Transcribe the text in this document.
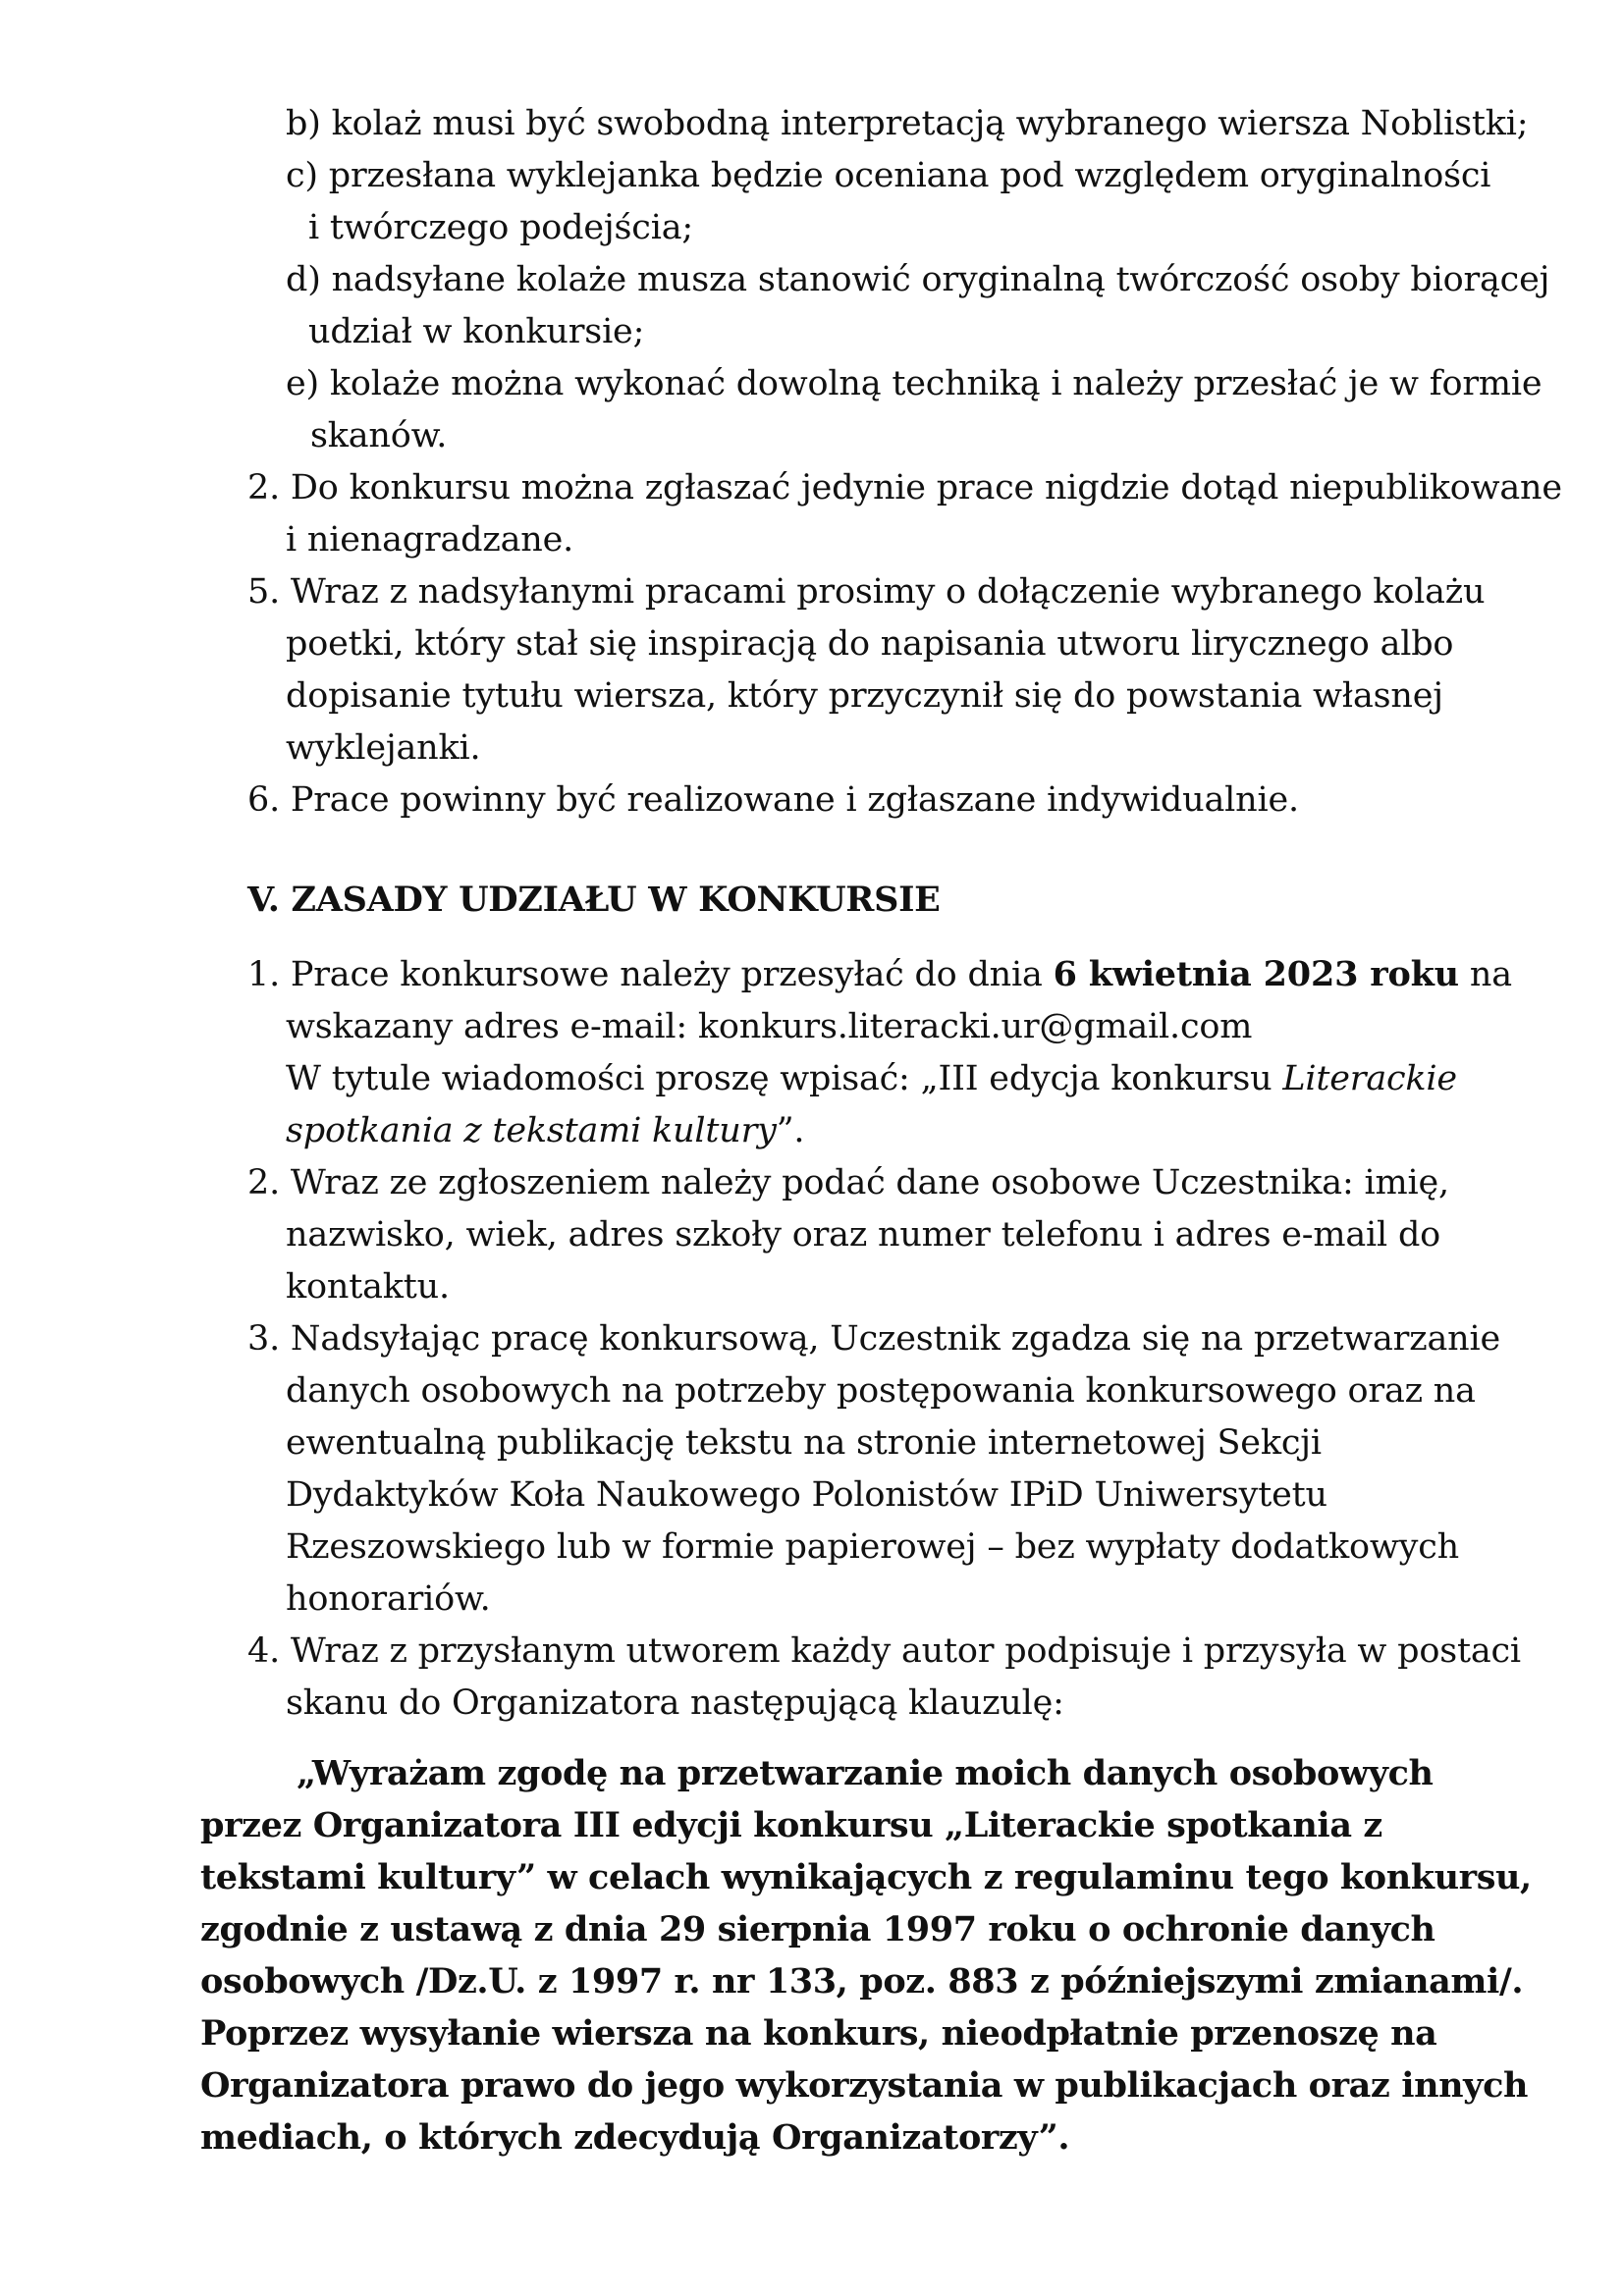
b) kolaż musi być swobodną interpretacją wybranego wiersza Noblistki;
c) przesłana wyklejanka będzie oceniana pod względem oryginalności
i twórczego podejścia;
d) nadsyłane kolaże musza stanowić oryginalną twórczość osoby biorącej
udział w konkursie;
e) kolaże można wykonać dowolną techniką i należy przesłać je w formie
skanów.
2. Do konkursu można zgłaszać jedynie prace nigdzie dotąd niepublikowane
i nienagradzane.
5. Wraz z nadsyłanymi pracami prosimy o dołączenie wybranego kolażu
poetki, który stał się inspiracją do napisania utworu lirycznego albo
dopisanie tytułu wiersza, który przyczynił się do powstania własnej
wyklejanki.
6. Prace powinny być realizowane i zgłaszane indywidualnie.
V. ZASADY UDZIAŁU W KONKURSIE
1. Prace konkursowe należy przesyłać do dnia 6 kwietnia 2023 roku na
wskazany adres e-mail: konkurs.literacki.ur@gmail.com
W tytule wiadomości proszę wpisać: „III edycja konkursu Literackie
spotkania z tekstami kultury”.
2. Wraz ze zgłoszeniem należy podać dane osobowe Uczestnika: imię,
nazwisko, wiek, adres szkoły oraz numer telefonu i adres e-mail do
kontaktu.
3. Nadsyłając pracę konkursową, Uczestnik zgadza się na przetwarzanie
danych osobowych na potrzeby postępowania konkursowego oraz na
ewentualną publikację tekstu na stronie internetowej Sekcji
Dydaktyków Koła Naukowego Polonistów IPiD Uniwersytetu
Rzeszowskiego lub w formie papierowej – bez wypłaty dodatkowych
honorariów.
4. Wraz z przysłanym utworem każdy autor podpisuje i przysyła w postaci
skanu do Organizatora następującą klauzulę:
„Wyrażam zgodę na przetwarzanie moich danych osobowych
przez Organizatora III edycji konkursu „Literackie spotkania z
tekstami kultury” w celach wynikających z regulaminu tego konkursu,
zgodnie z ustawą z dnia 29 sierpnia 1997 roku o ochronie danych
osobowych /Dz.U. z 1997 r. nr 133, poz. 883 z późniejszymi zmianami/.
Poprzez wysyłanie wiersza na konkurs, nieodpłatnie przenoszę na
Organizatora prawo do jego wykorzystania w publikacjach oraz innych
mediach, o których zdecydują Organizatorzy”.
